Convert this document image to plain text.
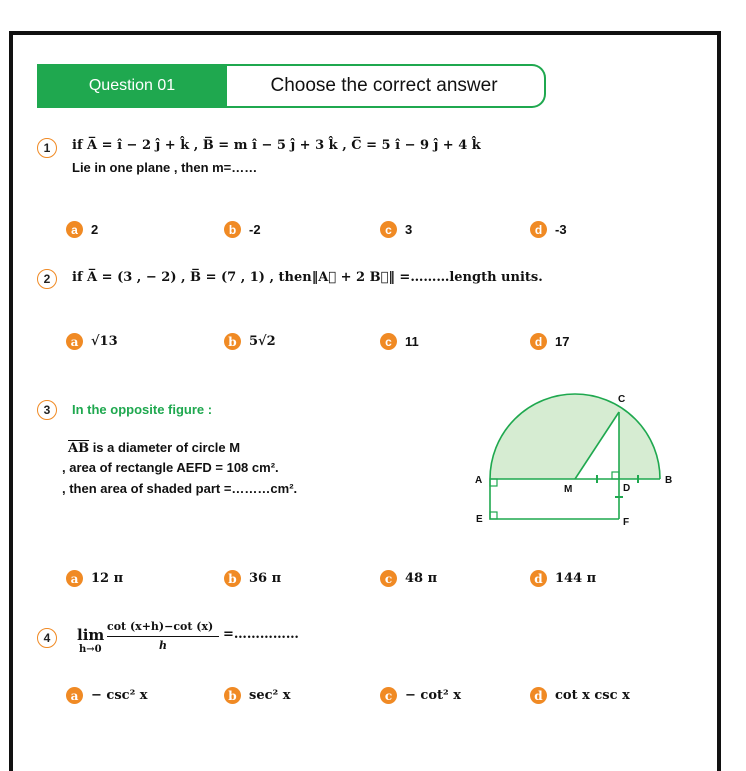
Question 01	Choose the correct answer
1	if A̅ = î − 2 ĵ + k̂ , B̅ = m î − 5 ĵ + 3 k̂ , C̅ = 5 î − 9 ĵ + 4 k̂
Lie in one plane , then m=……
a	2	b -2	c	3	d -3
2	if A̅ = (3 , − 2) , B̅ = (7 , 1) , then‖A⃗ + 2 B⃗‖ =………length units.
a √13	b 5√2	c	11	d 17
3	In the opposite figure :
$\overline{AB}$ is a diameter of circle M
, area of rectangle AEFD = 108 cm².
, then area of shaded part =………cm².
A	B
C
D
E	F
M
a 12 π	b 36 π	c 48 π	d 144 π
4	lim
h→0
cot (x+h)−cot (x)
h
=……………
a − csc² x	b sec² x	c − cot² x	d cot x csc x
